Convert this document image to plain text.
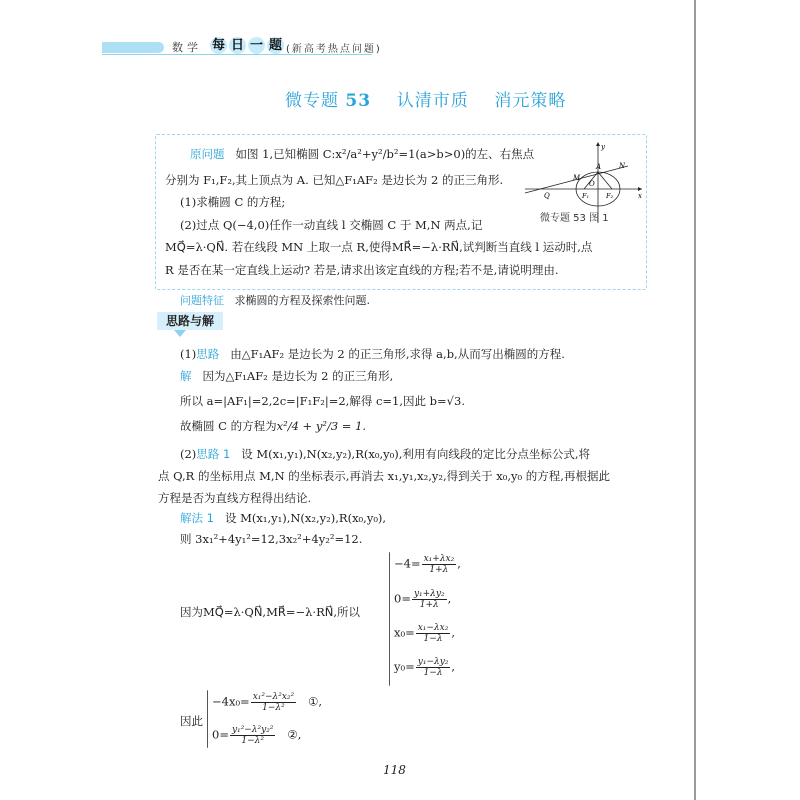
数学 每 日 一 题 (新高考热点问题)
微专题 53 认清市质 消元策略
原问题 如图 1,已知椭圆 C:x²/a²+y²/b²=1(a>b>0)的左、右焦点
分别为 F₁,F₂,其上顶点为 A. 已知△F₁AF₂ 是边长为 2 的正三角形.
(1)求椭圆 C 的方程;
(2)过点 Q(−4,0)任作一动直线 l 交椭圆 C 于 M,N 两点,记
MQ⃗=λ·QN⃗. 若在线段 MN 上取一点 R,使得MR⃗=−λ·RN⃗,试判断当直线 l 运动时,点
R 是否在某一定直线上运动? 若是,请求出该定直线的方程;若不是,请说明理由.
y
x
A	N
M
O
Q	F₁	F₂
微专题 53 图 1
问题特征 求椭圆的方程及探索性问题.
思路与解
(1)思路 由△F₁AF₂ 是边长为 2 的正三角形,求得 a,b,从而写出椭圆的方程.
解 因为△F₁AF₂ 是边长为 2 的正三角形,
所以 a=|AF₁|=2,2c=|F₁F₂|=2,解得 c=1,因此 b=√3.
故椭圆 C 的方程为x²/4 + y²/3 = 1.
(2)思路 1 设 M(x₁,y₁),N(x₂,y₂),R(x₀,y₀),利用有向线段的定比分点坐标公式,将
点 Q,R 的坐标用点 M,N 的坐标表示,再消去 x₁,y₁,x₂,y₂,得到关于 x₀,y₀ 的方程,再根据此
方程是否为直线方程得出结论.
解法 1 设 M(x₁,y₁),N(x₂,y₂),R(x₀,y₀),
则 3x₁²+4y₁²=12,3x₂²+4y₂²=12.
因为MQ⃗=λ·QN⃗,MR⃗=−λ·RN⃗,所以
$-4= \frac{\text{x₁+λx₂}}{1+\lambda}$ ,
$0= \frac{\text{y₁+λy₂}}{1+\lambda}$ ,
$x_0= \frac{\text{x₁−λx₂}}{1-\lambda}$ ,
$y_0= \frac{\text{y₁−λy₂}}{1-\lambda}$ ,
因此
$-4x_0= \frac{\text{x₁²−λ²x₂²}}{\text{1−λ²}}$ ①,
$0= \frac{\text{y₁²−λ²y₂²}}{\text{1−λ²}}$ ②,
118
